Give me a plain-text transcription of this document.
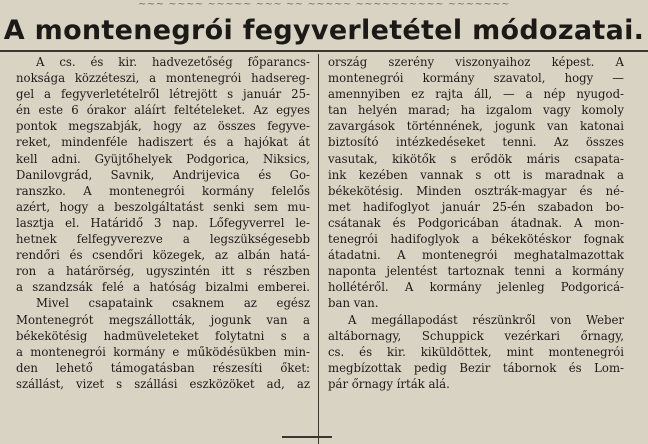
~~~ ~~~~ ~~~~~ ~~~ ~~ ~~~~~ ~~~~~~~~~~ ~~~~~~~
A montenegrói fegyverletétel módozatai.
A cs. és kir. hadvezetőség főparancs-
noksága közzéteszi, a montenegrói hadsereg-
gel a fegyverletételről létrejött s január 25-
én este 6 órakor aláírt feltételeket. Az egyes
pontok megszabják, hogy az összes fegyve-
reket, mindenféle hadiszert és a hajókat át
kell adni. Gyüjtőhelyek Podgorica, Niksics,
Danilovgrád, Savnik, Andrijevica és Go-
ranszko. A montenegrói kormány felelős
azért, hogy a beszolgáltatást senki sem mu-
lasztja el. Határidő 3 nap. Lőfegyverrel le-
hetnek felfegyverezve a legszükségesebb
rendőri és csendőri közegek, az albán hatá-
ron a határörség, ugyszintén itt s részben
a szandzsák felé a hatóság bizalmi emberei.
Mivel csapataink csaknem az egész
Montenegrót megszállották, jogunk van a
békekötésig hadmüveleteket folytatni s a
a montenegrói kormány e működésükben min-
den lehető támogatásban részesíti őket:
szállást, vizet s szállási eszközöket ad, az
ország szerény viszonyaihoz képest. A
montenegrói kormány szavatol, hogy —
amennyiben ez rajta áll, — a nép nyugod-
tan helyén marad; ha izgalom vagy komoly
zavargások történnének, jogunk van katonai
biztosító intézkedéseket tenni. Az összes
vasutak, kikötők s erődök máris csapata-
ink kezében vannak s ott is maradnak a
békekötésig. Minden osztrák-magyar és né-
met hadifoglyot január 25-én szabadon bo-
csátanak és Podgoricában átadnak. A mon-
tenegrói hadifoglyok a békekötéskor fognak
átadatni. A montenegrói meghatalmazottak
naponta jelentést tartoznak tenni a kormány
hollétéről. A kormány jelenleg Podgoricá-
ban van.
A megállapodást részünkről von Weber
altábornagy, Schuppick vezérkari őrnagy,
cs. és kir. kiküldöttek, mint montenegrói
megbízottak pedig Bezir tábornok és Lom-
pár őrnagy írták alá.
